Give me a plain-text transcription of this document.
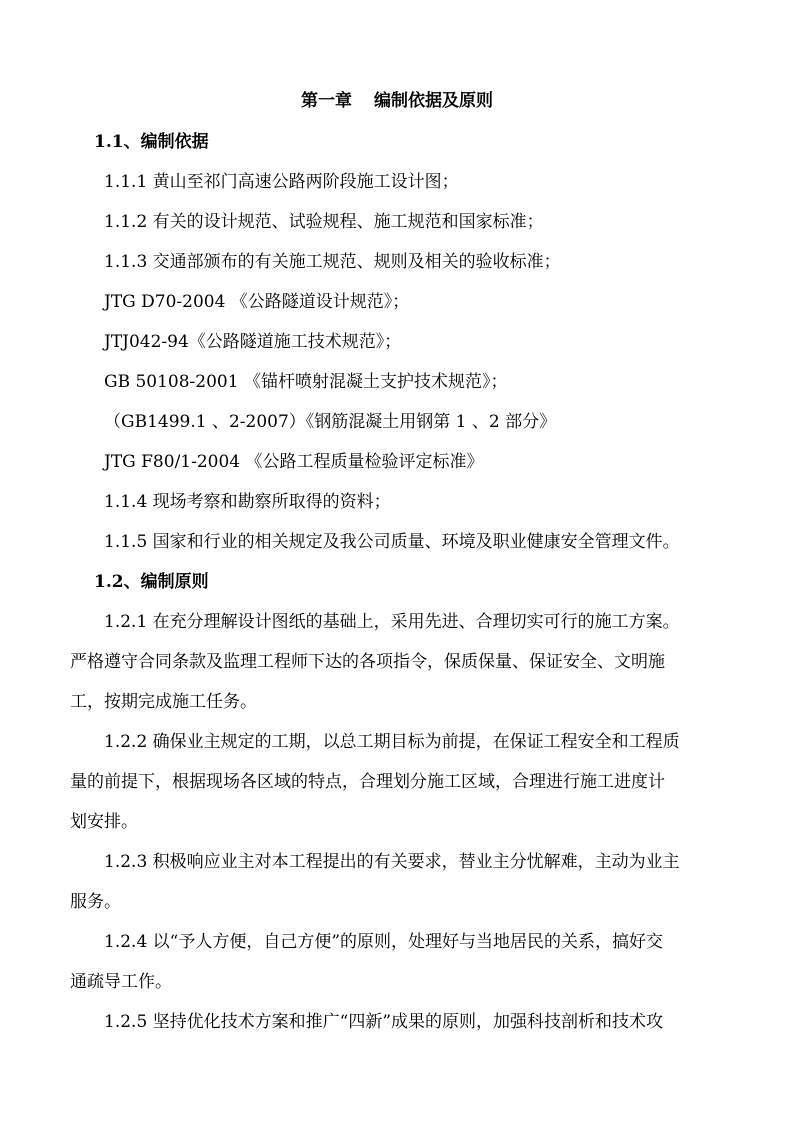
第一章 编制依据及原则
1.1、编制依据
1.1.1 黄山至祁门高速公路两阶段施工设计图；
1.1.2 有关的设计规范、试验规程、施工规范和国家标准；
1.1.3 交通部颁布的有关施工规范、规则及相关的验收标准；
JTG D70-2004 《公路隧道设计规范》；
JTJ042-94《公路隧道施工技术规范》；
GB 50108-2001 《锚杆喷射混凝土支护技术规范》；
（GB1499.1 、2-2007）《钢筋混凝土用钢第 1 、2 部分》
JTG F80/1-2004 《公路工程质量检验评定标准》
1.1.4 现场考察和勘察所取得的资料；
1.1.5 国家和行业的相关规定及我公司质量、环境及职业健康安全管理文件。
1.2、编制原则
1.2.1 在充分理解设计图纸的基础上，采用先进、合理切实可行的施工方案。
严格遵守合同条款及监理工程师下达的各项指令，保质保量、保证安全、文明施
工，按期完成施工任务。
1.2.2 确保业主规定的工期，以总工期目标为前提，在保证工程安全和工程质
量的前提下，根据现场各区域的特点，合理划分施工区域，合理进行施工进度计
划安排。
1.2.3 积极响应业主对本工程提出的有关要求，替业主分忧解难，主动为业主
服务。
1.2.4 以“予人方便，自己方便”的原则，处理好与当地居民的关系，搞好交
通疏导工作。
1.2.5 坚持优化技术方案和推广“四新”成果的原则，加强科技剖析和技术攻
